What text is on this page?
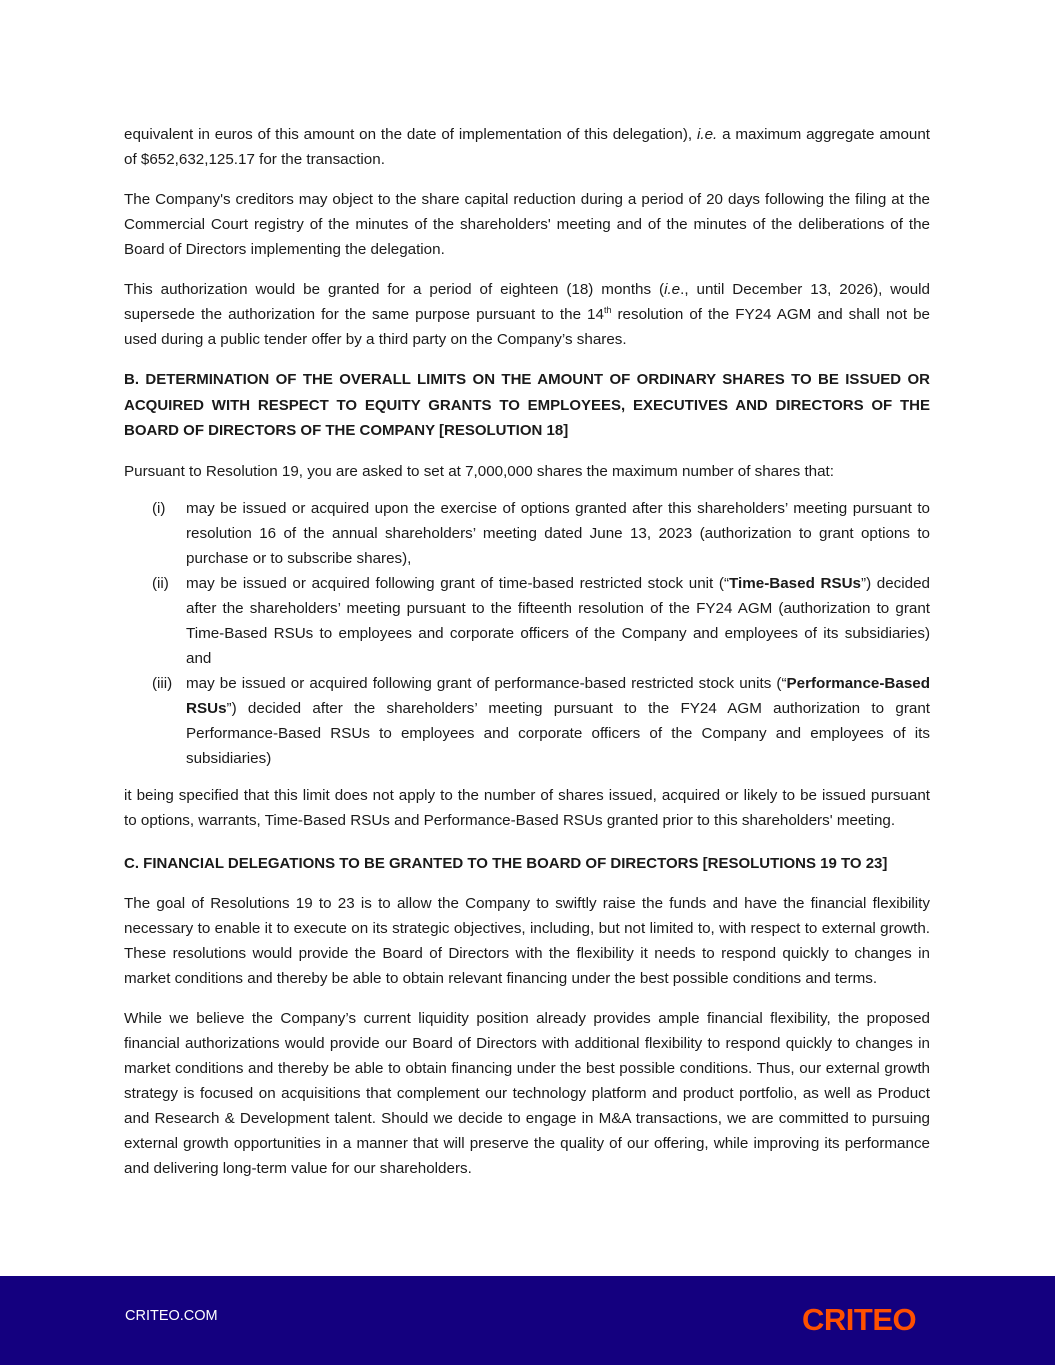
equivalent in euros of this amount on the date of implementation of this delegation), i.e. a maximum aggregate amount of $652,632,125.17 for the transaction.

The Company's creditors may object to the share capital reduction during a period of 20 days following the filing at the Commercial Court registry of the minutes of the shareholders' meeting and of the minutes of the deliberations of the Board of Directors implementing the delegation.

This authorization would be granted for a period of eighteen (18) months (i.e., until December 13, 2026), would supersede the authorization for the same purpose pursuant to the 14th resolution of the FY24 AGM and shall not be used during a public tender offer by a third party on the Company’s shares.

B. DETERMINATION OF THE OVERALL LIMITS ON THE AMOUNT OF ORDINARY SHARES TO BE ISSUED OR ACQUIRED WITH RESPECT TO EQUITY GRANTS TO EMPLOYEES, EXECUTIVES AND DIRECTORS OF THE BOARD OF DIRECTORS OF THE COMPANY [RESOLUTION 18]

Pursuant to Resolution 19, you are asked to set at 7,000,000 shares the maximum number of shares that:

(i)	may be issued or acquired upon the exercise of options granted after this shareholders’ meeting pursuant to resolution 16 of the annual shareholders’ meeting dated June 13, 2023 (authorization to grant options to purchase or to subscribe shares),
(ii)	may be issued or acquired following grant of time-based restricted stock unit (“Time-Based RSUs”) decided after the shareholders’ meeting pursuant to the fifteenth resolution of the FY24 AGM (authorization to grant Time-Based RSUs to employees and corporate officers of the Company and employees of its subsidiaries) and
(iii) may be issued or acquired following grant of performance-based restricted stock units (“Performance-Based RSUs”) decided after the shareholders’ meeting pursuant to the FY24 AGM authorization to grant Performance-Based RSUs to employees and corporate officers of the Company and employees of its subsidiaries)

it being specified that this limit does not apply to the number of shares issued, acquired or likely to be issued pursuant to options, warrants, Time-Based RSUs and Performance-Based RSUs granted prior to this shareholders' meeting.

C. FINANCIAL DELEGATIONS TO BE GRANTED TO THE BOARD OF DIRECTORS [RESOLUTIONS 19 TO 23]

The goal of Resolutions 19 to 23 is to allow the Company to swiftly raise the funds and have the financial flexibility necessary to enable it to execute on its strategic objectives, including, but not limited to, with respect to external growth. These resolutions would provide the Board of Directors with the flexibility it needs to respond quickly to changes in market conditions and thereby be able to obtain relevant financing under the best possible conditions and terms.

While we believe the Company’s current liquidity position already provides ample financial flexibility, the proposed financial authorizations would provide our Board of Directors with additional flexibility to respond quickly to changes in market conditions and thereby be able to obtain financing under the best possible conditions. Thus, our external growth strategy is focused on acquisitions that complement our technology platform and product portfolio, as well as Product and Research & Development talent. Should we decide to engage in M&A transactions, we are committed to pursuing external growth opportunities in a manner that will preserve the quality of our offering, while improving its performance and delivering long-term value for our shareholders.

CRITEO.COM	CRITEO
